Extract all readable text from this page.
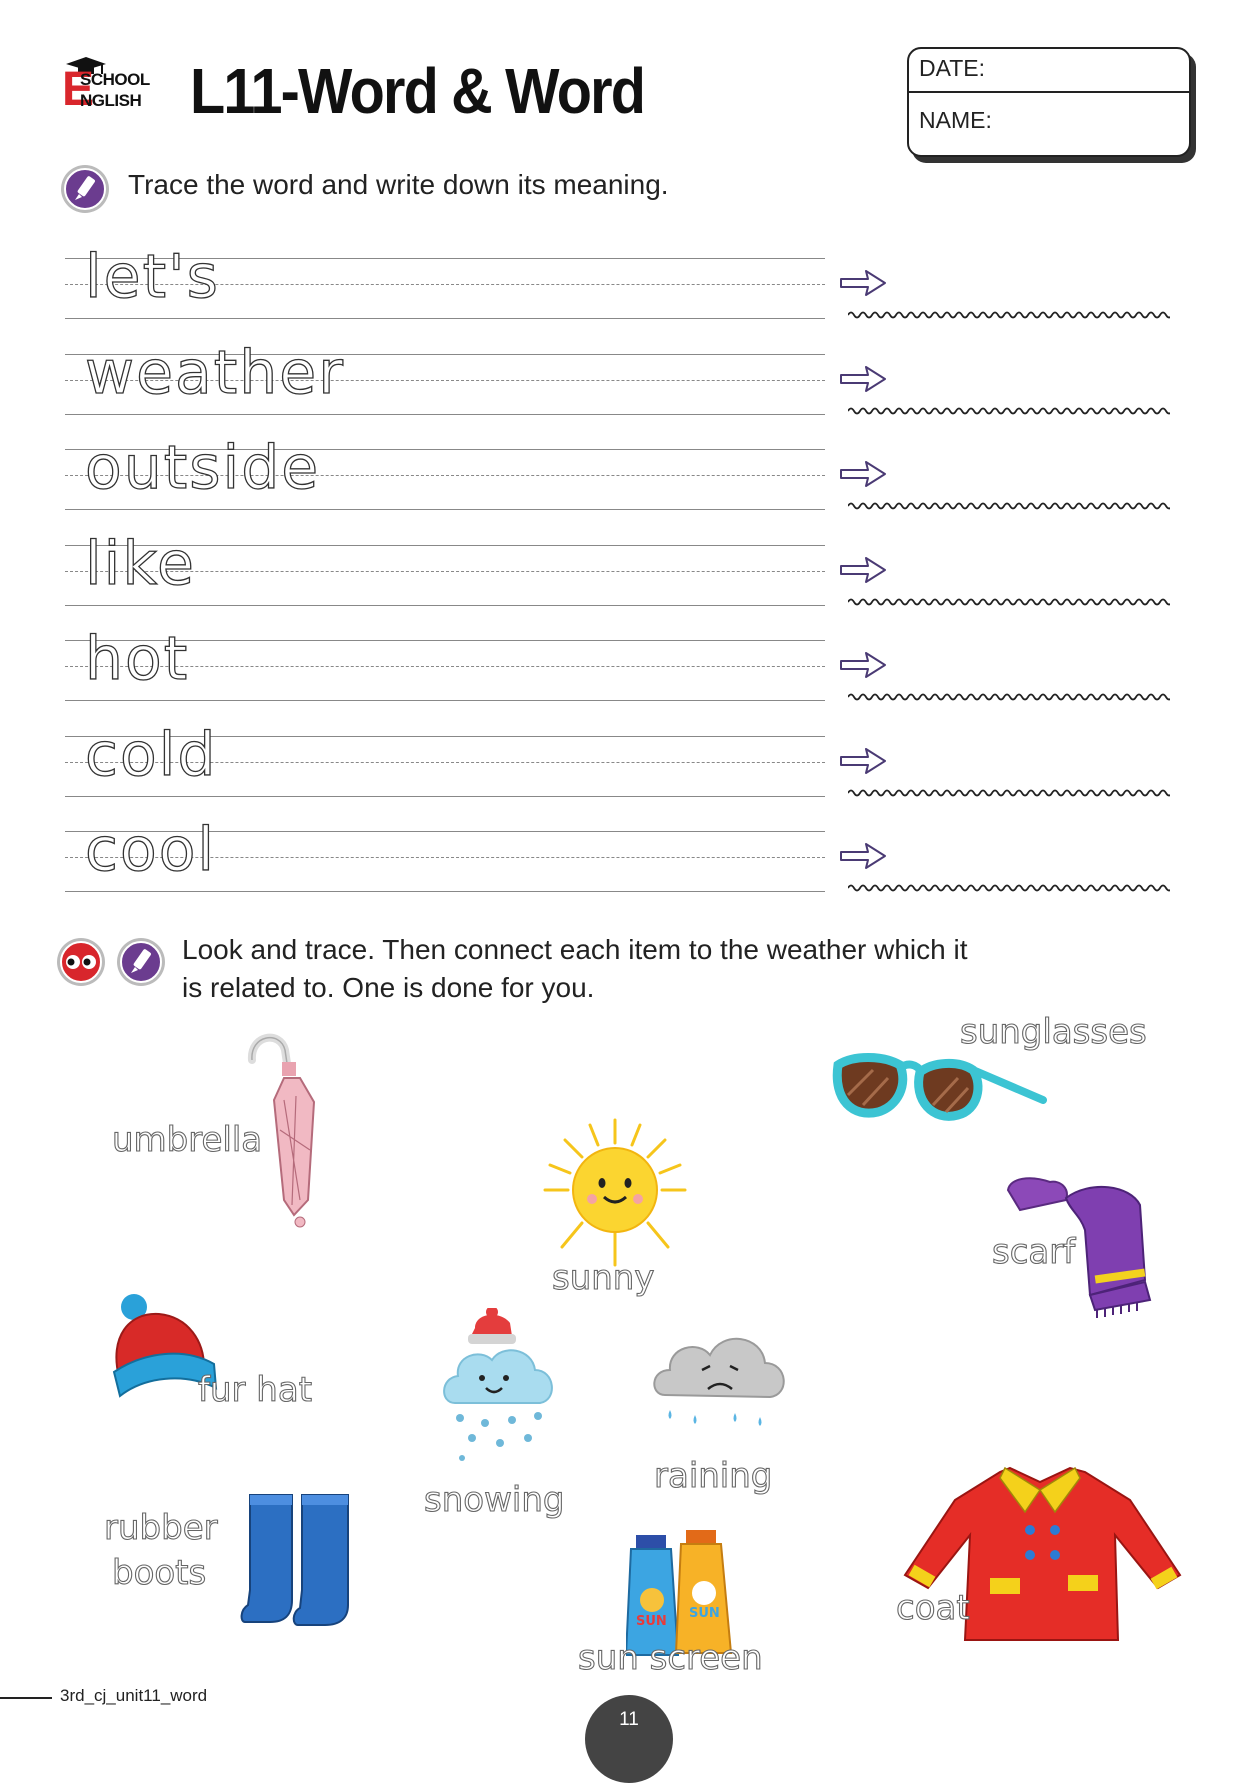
E
SCHOOL
NGLISH L11-Word & Word	DATE:
NAME:
Trace the word and write down its meaning.
let's
weather
outside
like
hot
cold
cool
Look and trace. Then connect each item to the weather which it
is related to. One is done for you.
umbrella
sunglasses
sunny
scarf
fur hat
snowing
raining
rubber
boots
SUN
SUN
sun screen
coat
3rd_cj_unit11_word
11
